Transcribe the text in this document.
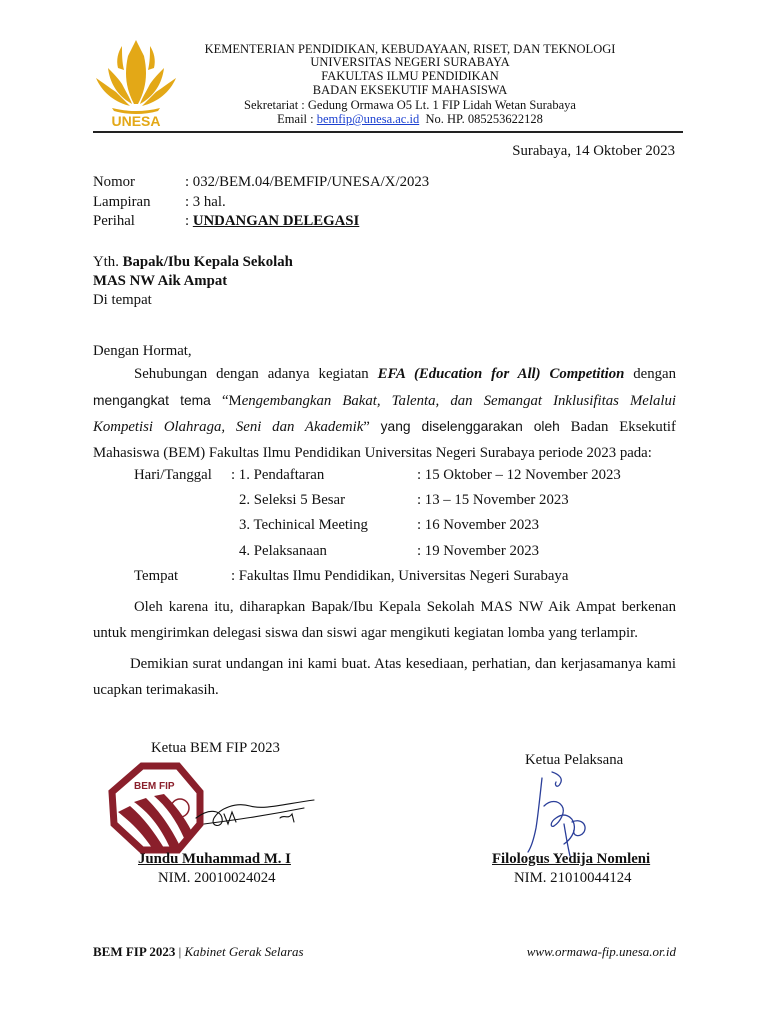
UNESA
KEMENTERIAN PENDIDIKAN, KEBUDAYAAN, RISET, DAN TEKNOLOGI
UNIVERSITAS NEGERI SURABAYA
FAKULTAS ILMU PENDIDIKAN
BADAN EKSEKUTIF MAHASISWA
Sekretariat : Gedung Ormawa O5 Lt. 1 FIP Lidah Wetan Surabaya
Email : bemfip@unesa.ac.id No. HP. 085253622128
Surabaya, 14 Oktober 2023
Nomor	: 032/BEM.04/BEMFIP/UNESA/X/2023
Lampiran : 3 hal.
Perihal	: UNDANGAN DELEGASI
Yth. Bapak/Ibu Kepala Sekolah
MAS NW Aik Ampat
Di tempat
Dengan Hormat,
Sehubungan dengan adanya kegiatan EFA (Education for All) Competition dengan mengangkat tema “Mengembangkan Bakat, Talenta, dan Semangat Inklusifitas Melalui Kompetisi Olahraga, Seni dan Akademik” yang diselenggarakan oleh Badan Eksekutif Mahasiswa (BEM) Fakultas Ilmu Pendidikan Universitas Negeri Surabaya periode 2023 pada:
Hari/Tanggal : 1. Pendaftaran	: 15 Oktober – 12 November 2023
2. Seleksi 5 Besar	: 13 – 15 November 2023
3. Techinical Meeting	: 16 November 2023
4. Pelaksanaan	: 19 November 2023
Tempat	: Fakultas Ilmu Pendidikan, Universitas Negeri Surabaya
Oleh karena itu, diharapkan Bapak/Ibu Kepala Sekolah MAS NW Aik Ampat berkenan untuk mengirimkan delegasi siswa dan siswi agar mengikuti kegiatan lomba yang terlampir.
Demikian surat undangan ini kami buat. Atas kesediaan, perhatian, dan kerjasamanya kami ucapkan terimakasih.
Ketua BEM FIP 2023
Ketua Pelaksana
BEM FIP
Jundu Muhammad M. I
NIM. 20010024024
Filologus Yedija Nomleni
NIM. 21010044124
BEM FIP 2023 | Kabinet Gerak Selaras	www.ormawa-fip.unesa.or.id
